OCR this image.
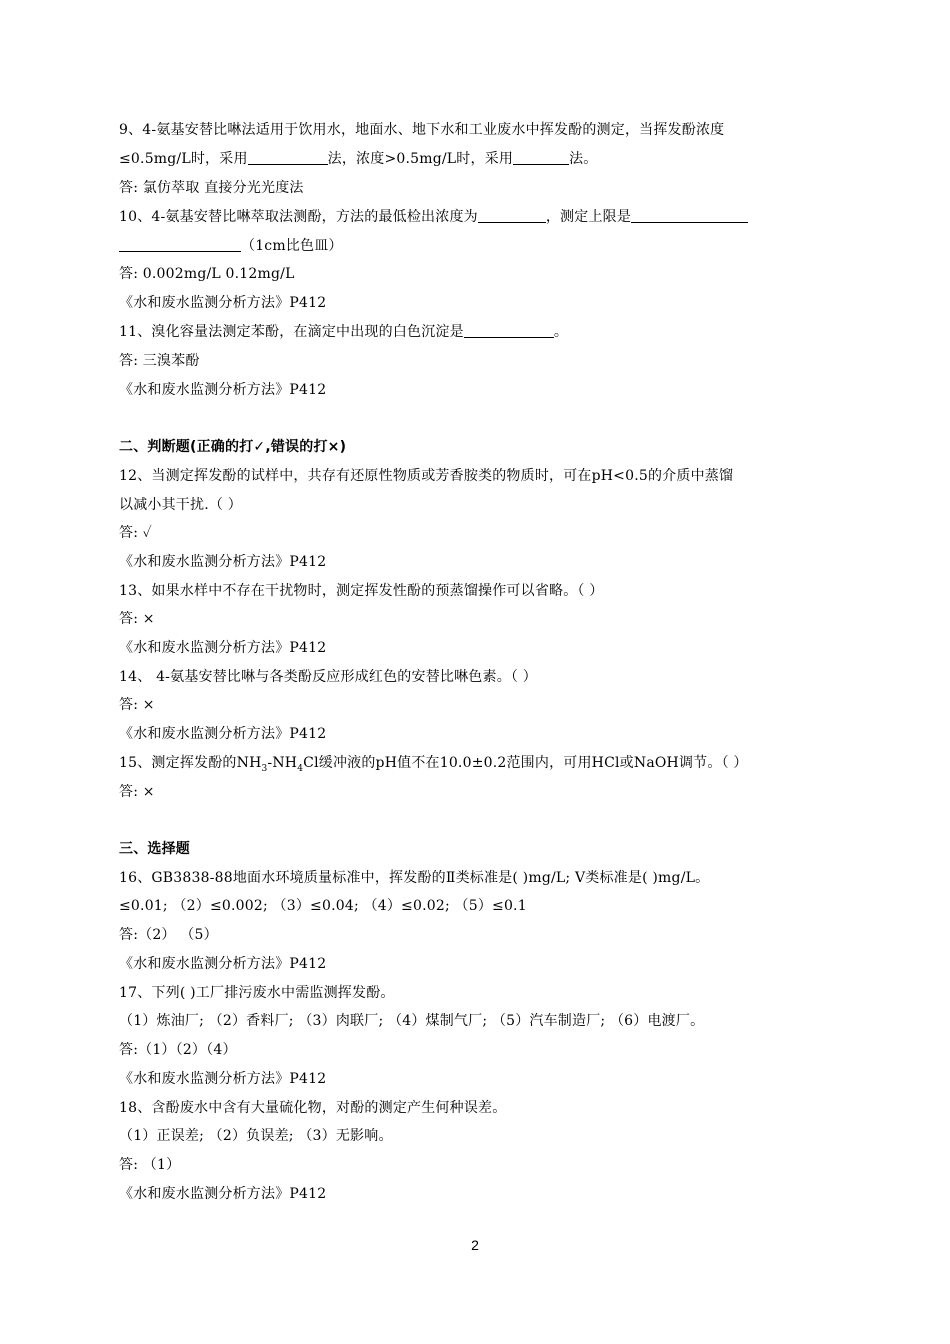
9、4-氨基安替比啉法适用于饮用水，地面水、地下水和工业废水中挥发酚的测定，当挥发酚浓度
≤0.5mg/L时，采用	法，浓度>0.5mg/L时，采用	法。
答: 氯仿萃取 直接分光光度法
10、4-氨基安替比啉萃取法测酚，方法的最低检出浓度为	，测定上限是
（1cm比色皿）
答: 0.002mg/L 0.12mg/L
《水和废水监测分析方法》P412
11、溴化容量法测定苯酚，在滴定中出现的白色沉淀是	。
答: 三溴苯酚
《水和废水监测分析方法》P412
二、判断题(正确的打✓,错误的打×)
12、当测定挥发酚的试样中，共存有还原性物质或芳香胺类的物质时，可在pH<0.5的介质中蒸馏
以减小其干扰.（ ）
答: ✓
《水和废水监测分析方法》P412
13、如果水样中不存在干扰物时，测定挥发性酚的预蒸馏操作可以省略。（ ）
答: ×
《水和废水监测分析方法》P412
14、 4-氨基安替比啉与各类酚反应形成红色的安替比啉色素。（ ）
答: ×
《水和废水监测分析方法》P412
15、测定挥发酚的$NH_3-NH_4Cl$缓冲液的pH值不在10.0±0.2范围内，可用HCl或NaOH调节。（ ）
答: ×
三、选择题
16、GB3838-88地面水环境质量标准中，挥发酚的Ⅱ类标准是( )mg/L; Ⅴ类标准是( )mg/L。
≤0.01; （2）≤0.002; （3）≤0.04; （4）≤0.02; （5）≤0.1
答:（2） （5）
《水和废水监测分析方法》P412
17、下列( )工厂排污废水中需监测挥发酚。
（1）炼油厂; （2）香料厂; （3）肉联厂; （4）煤制气厂; （5）汽车制造厂; （6）电渡厂。
答:（1）（2）（4）
《水和废水监测分析方法》P412
18、含酚废水中含有大量硫化物，对酚的测定产生何种误差。
（1）正误差; （2）负误差; （3）无影响。
答: （1）
《水和废水监测分析方法》P412
2
